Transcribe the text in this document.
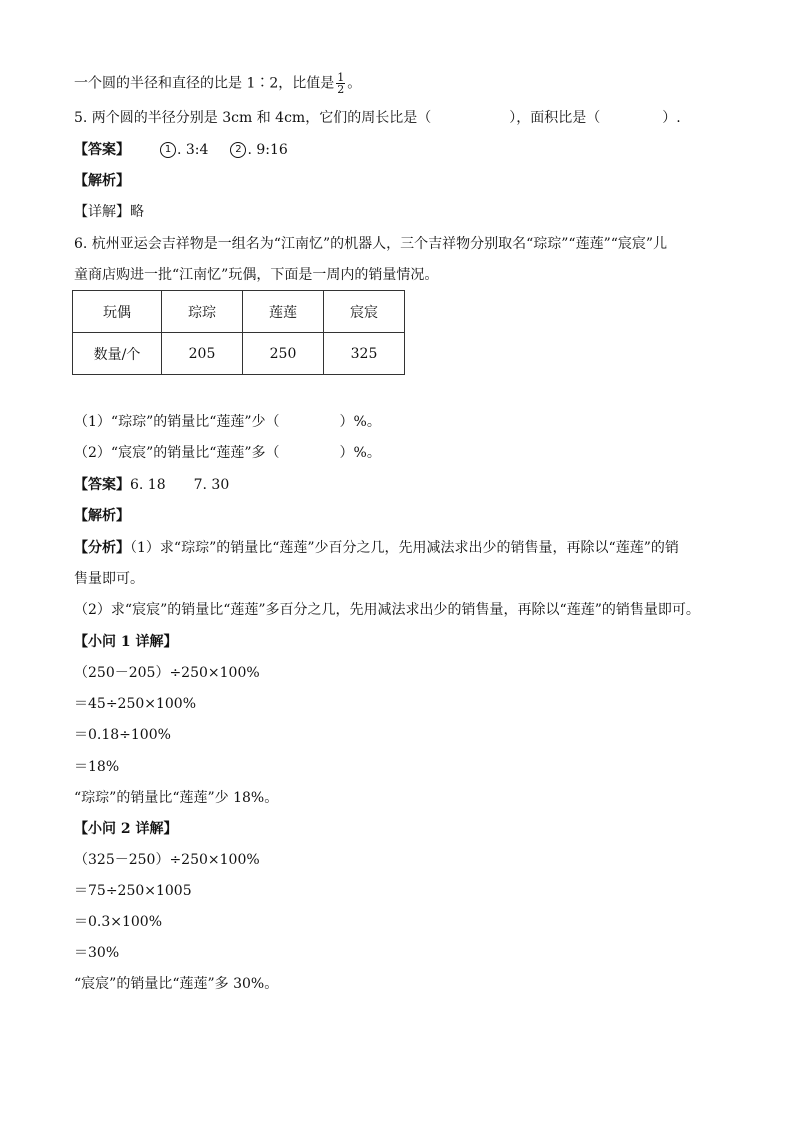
一个圆的半径和直径的比是 1∶2，比值是 $\frac{1}{2}$ 。
5. 两个圆的半径分别是 3cm 和 4cm，它们的周长比是（	），面积比是（	）.
【答案】	1 . 3:4	2 . 9:16
【解析】
【详解】略
6. 杭州亚运会吉祥物是一组名为“江南忆”的机器人，三个吉祥物分别取名“琮琮”“莲莲”“宸宸”儿
童商店购进一批“江南忆”玩偶，下面是一周内的销量情况。
玩偶	琮琮	莲莲	宸宸
数量/个	205	250	325
（1）“琮琮”的销量比“莲莲”少（	）%。
（2）“宸宸”的销量比“莲莲”多（	）%。
【答案】6. 18　　7. 30
【解析】
【分析】（1）求“琮琮”的销量比“莲莲”少百分之几，先用减法求出少的销售量，再除以“莲莲”的销
售量即可。
（2）求“宸宸”的销量比“莲莲”多百分之几，先用减法求出少的销售量，再除以“莲莲”的销售量即可。
【小问 1 详解】
（250－205）÷250×100%
＝45÷250×100%
＝0.18÷100%
＝18%
“琮琮”的销量比“莲莲”少 18%。
【小问 2 详解】
（325－250）÷250×100%
＝75÷250×1005
＝0.3×100%
＝30%
“宸宸”的销量比“莲莲”多 30%。
